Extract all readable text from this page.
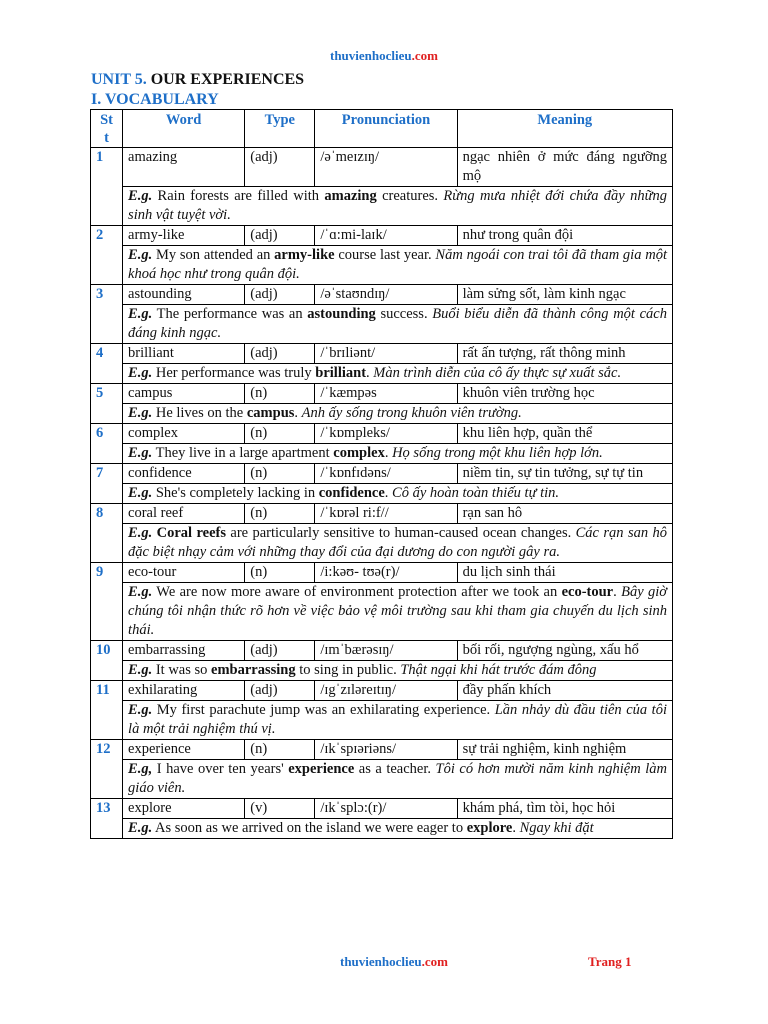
thuvienhoclieu.com
UNIT 5. OUR EXPERIENCES
I. VOCABULARY
St t	Word	Type	Pronunciation	Meaning
1	amazing	(adj)	/əˈmeɪzɪŋ/	ngạc nhiên ở mức đáng ngưỡng mộ
	E.g. Rain forests are filled with amazing creatures. Rừng mưa nhiệt đới chứa đầy những sinh vật tuyệt vời.			
2	army-like	(adj)	/ˈɑ:mi-laɪk/	như trong quân đội
	E.g. My son attended an army-like course last year. Năm ngoái con trai tôi đã tham gia một khoá học như trong quân đội.			
3	astounding	(adj)	/əˈstaʊndɪŋ/	làm sửng sốt, làm kinh ngạc
	E.g. The performance was an astounding success. Buổi biểu diễn đã thành công một cách đáng kinh ngạc.			
4	brilliant	(adj)	/ˈbrɪliənt/	rất ấn tượng, rất thông minh
	E.g. Her performance was truly brilliant. Màn trình diễn của cô ấy thực sự xuất sắc.			
5	campus	(n)	/ˈkæmpəs	khuôn viên trường học
	E.g. He lives on the campus. Anh ấy sống trong khuôn viên trường.			
6	complex	(n)	/ˈkɒmpleks/	khu liên hợp, quần thể
	E.g. They live in a large apartment complex. Họ sống trong một khu liên hợp lớn.			
7	confidence	(n)	/ˈkɒnfɪdəns/	niềm tin, sự tin tưởng, sự tự tin
	E.g. She's completely lacking in confidence. Cô ấy hoàn toàn thiếu tự tin.			
8	coral reef	(n)	/ˈkɒrəl ri:f//	rạn san hô
	E.g. Coral reefs are particularly sensitive to human-caused ocean changes. Các rạn san hô đặc biệt nhạy cảm với những thay đổi của đại dương do con người gây ra.			
9	eco-tour	(n)	/i:kəʊ- tʊə(r)/	du lịch sinh thái
	E.g. We are now more aware of environment protection after we took an eco-tour. Bây giờ chúng tôi nhận thức rõ hơn về việc bảo vệ môi trường sau khi tham gia chuyến du lịch sinh thái.			
10	embarrassing	(adj)	/ɪmˈbærəsɪŋ/	bối rối, ngượng ngùng, xấu hổ
	E.g. It was so embarrassing to sing in public. Thật ngại khi hát trước đám đông			
11	exhilarating	(adj)	/ɪgˈzɪləreɪtɪŋ/	đầy phấn khích
	E.g. My first parachute jump was an exhilarating experience. Lần nhảy dù đầu tiên của tôi là một trải nghiệm thú vị.			
12	experience	(n)	/ɪkˈspɪəriəns/	sự trải nghiệm, kinh nghiệm
	E.g, I have over ten years' experience as a teacher. Tôi có hơn mười năm kinh nghiệm làm giáo viên.			
13	explore	(v)	/ɪkˈsplɔ:(r)/	khám phá, tìm tòi, học hỏi
	E.g. As soon as we arrived on the island we were eager to explore. Ngay khi đặt			
thuvienhoclieu.com	Trang 1
